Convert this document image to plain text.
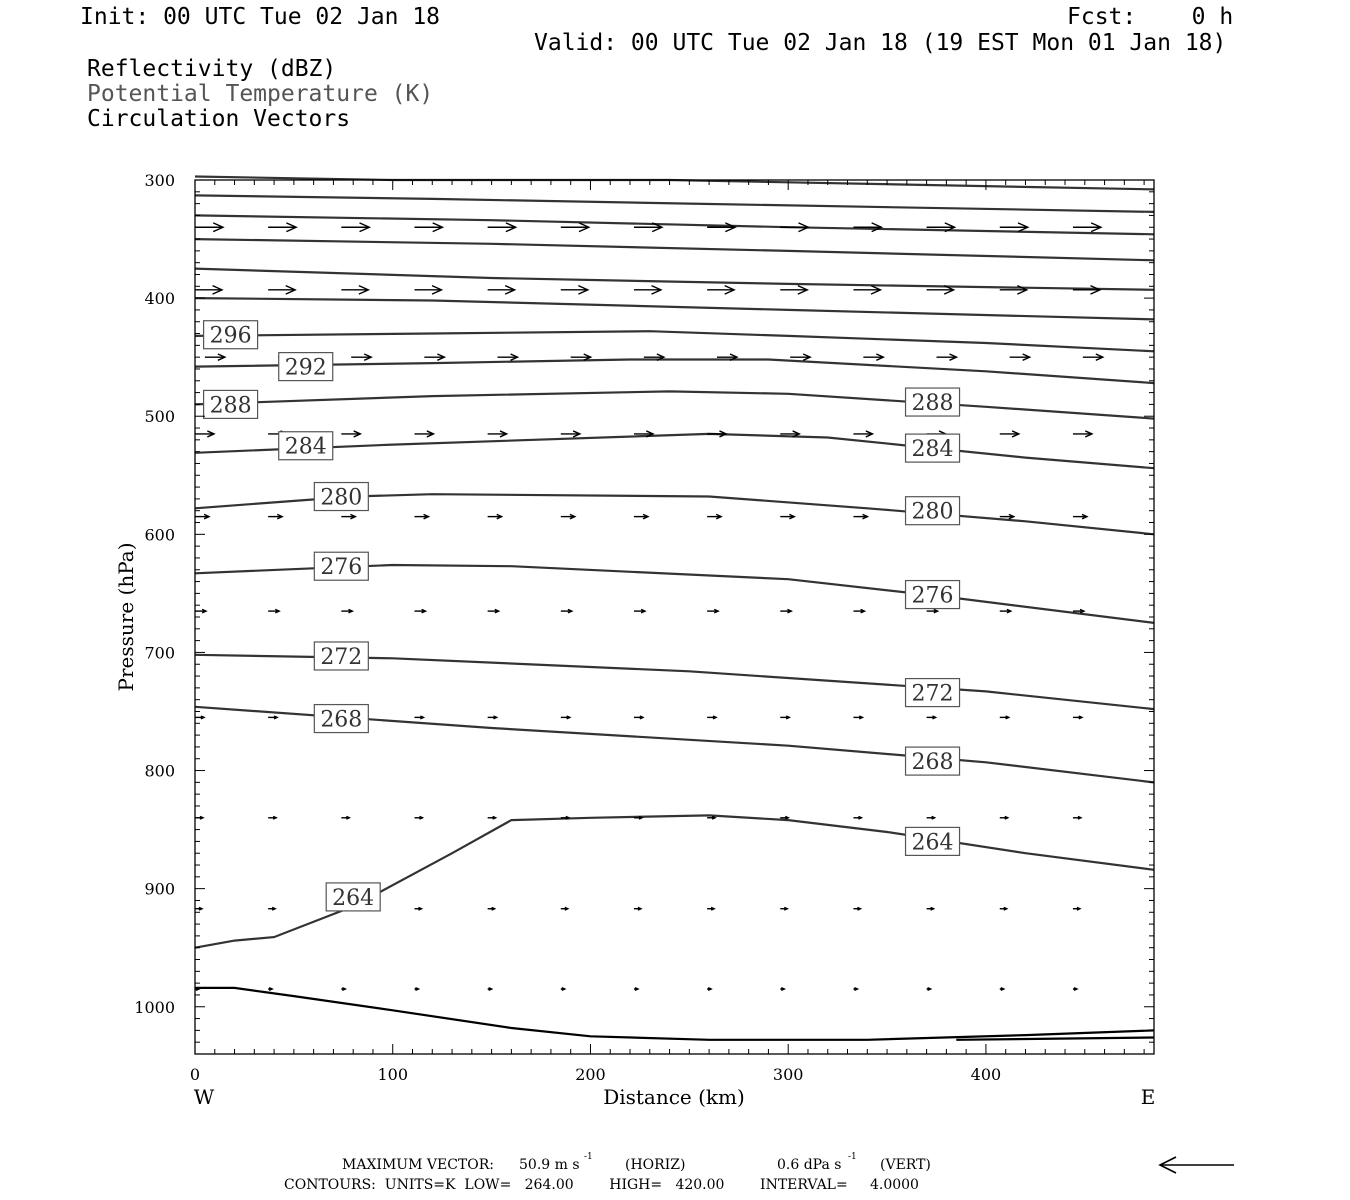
Init: 00 UTC Tue 02 Jan 18	Fcst:    0 h
Valid: 00 UTC Tue 02 Jan 18 (19 EST Mon 01 Jan 18)
Reflectivity (dBZ)
Potential Temperature (K)
Circulation Vectors
296
292
288	288
284	284
280
280
276
276
272
272
268
268
264
264
300
400
500
600
700
800
900
1000
0	100	200	300	400
Distance (km)
W	E
Pressure (hPa)
MAXIMUM VECTOR: 50.9 m s -1 (HORIZ)	0.6 dPa s -1 (VERT)
CONTOURS:  UNITS=K  LOW=   264.00        HIGH=   420.00        INTERVAL=     4.0000
